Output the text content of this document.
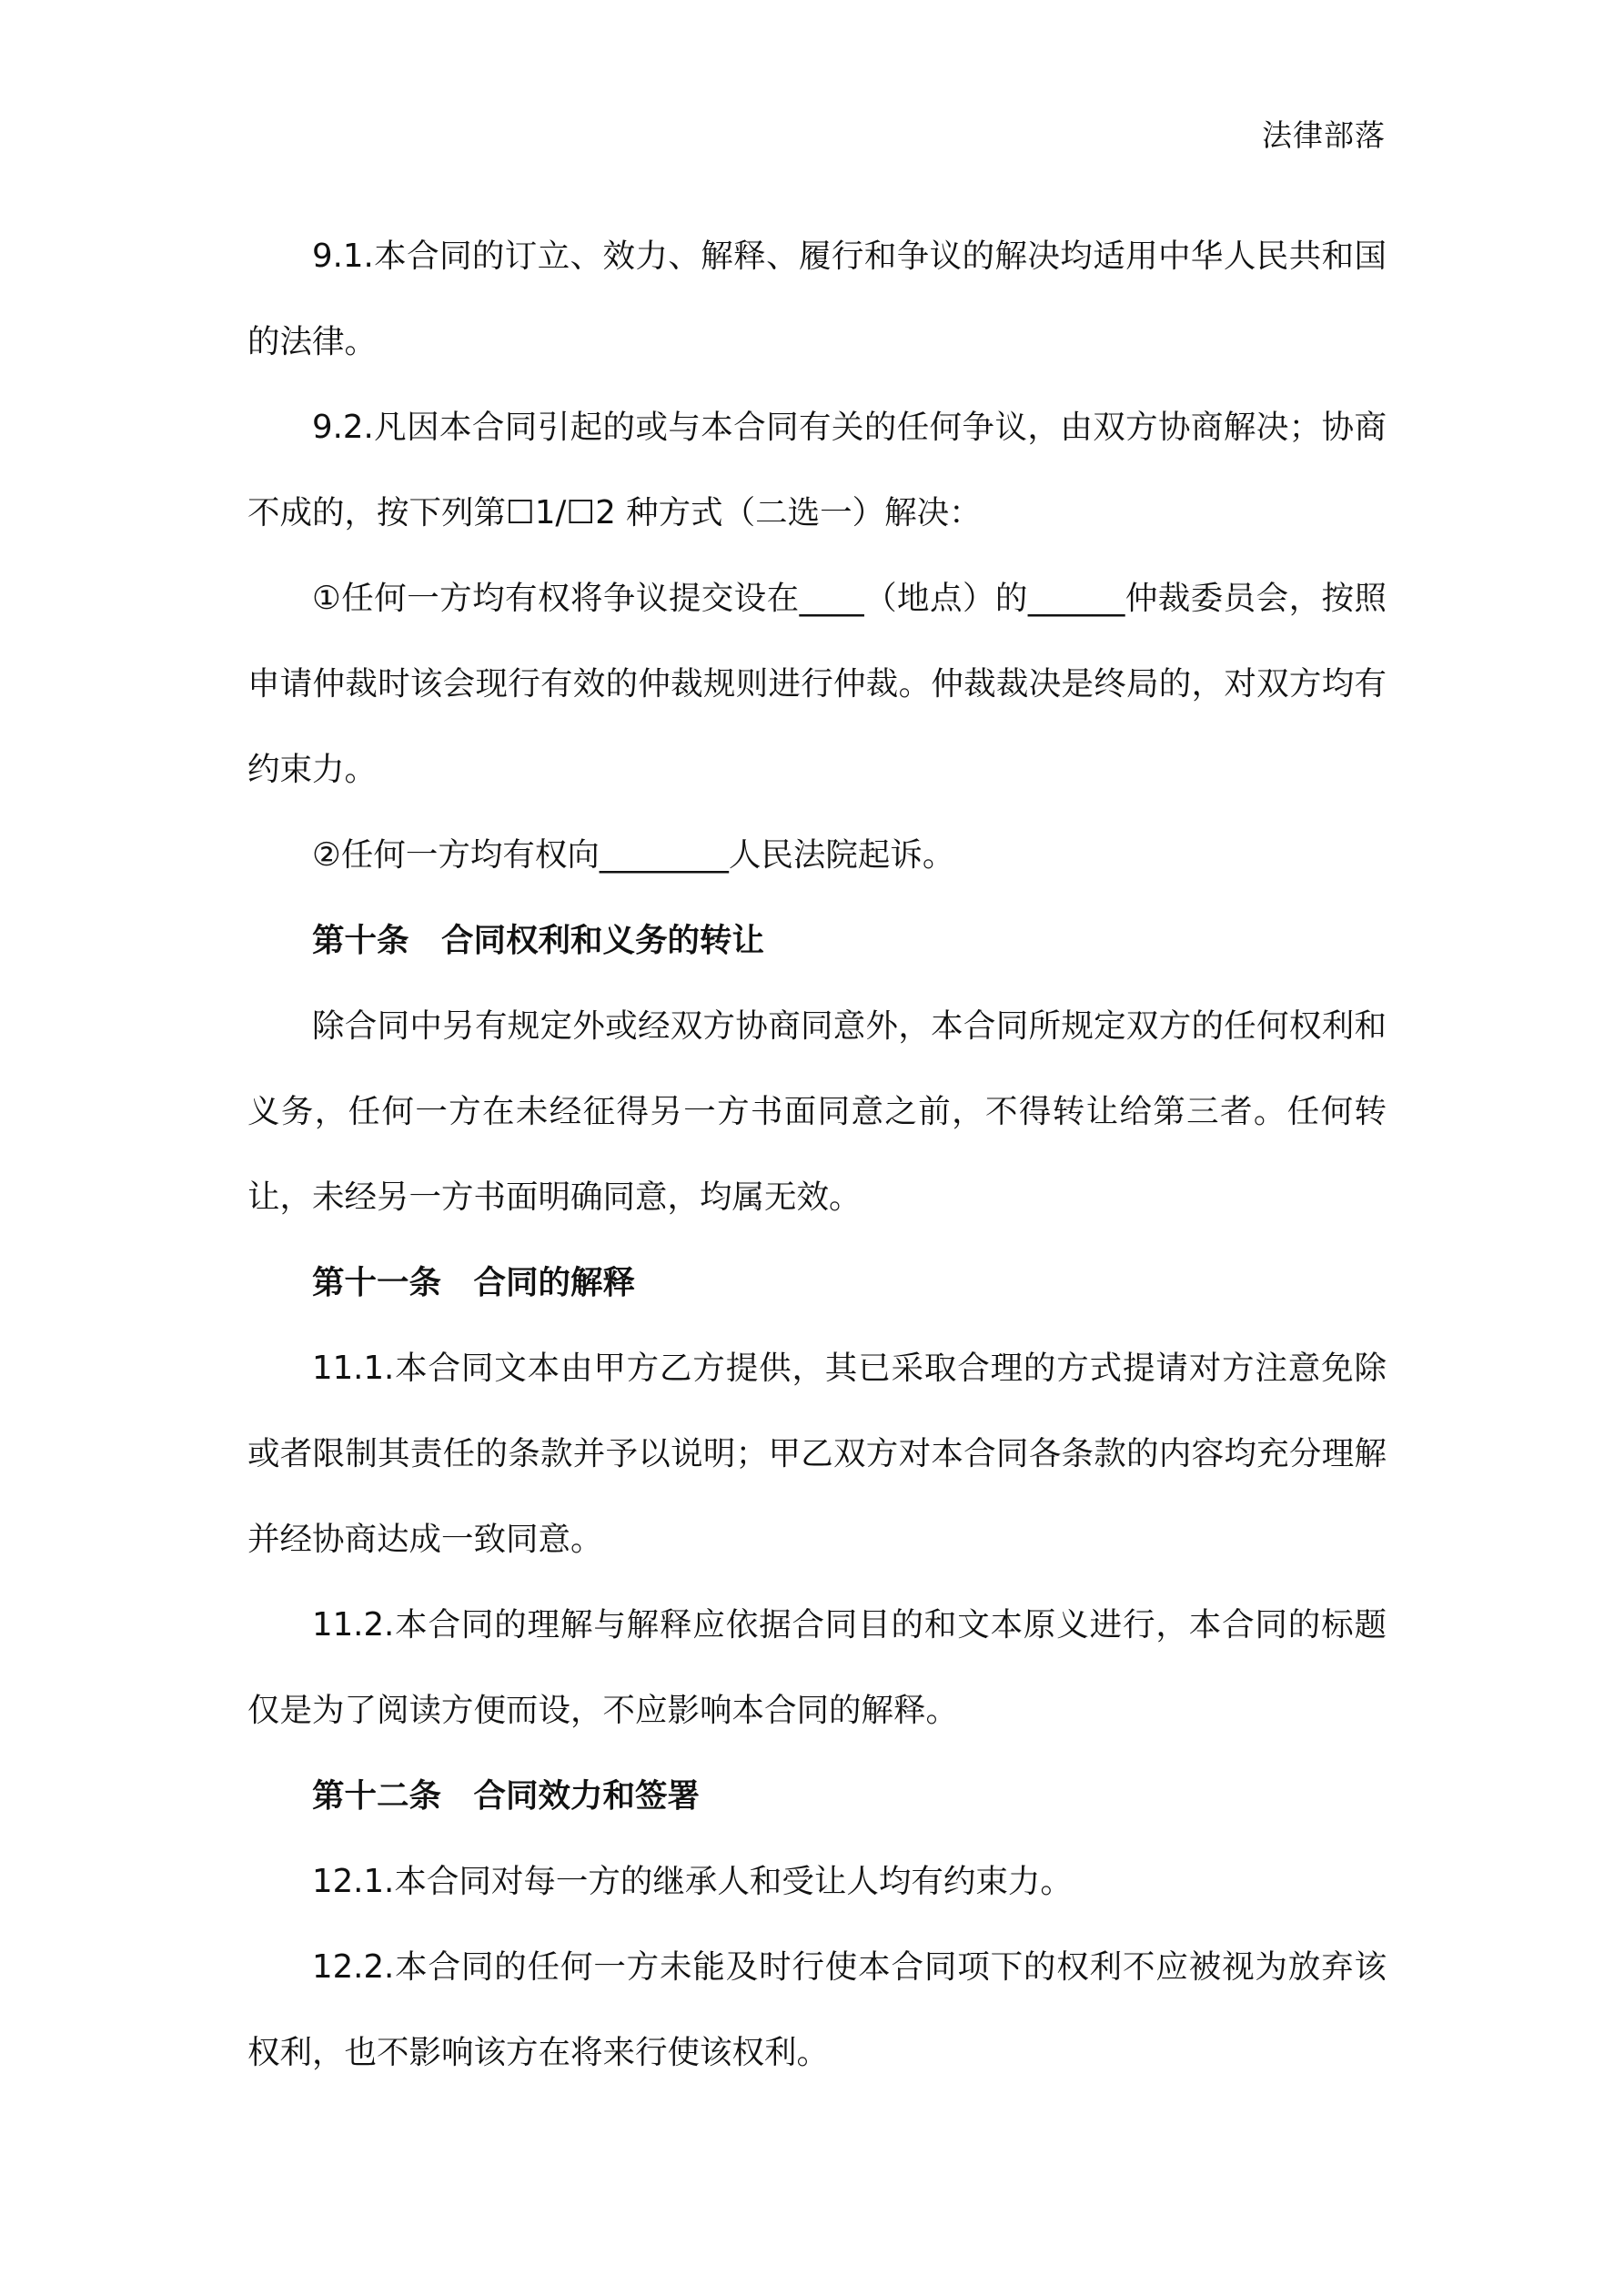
法律部落

9.1.本合同的订立、效力、解释、履行和争议的解决均适用中华人民共和国的法律。

9.2.凡因本合同引起的或与本合同有关的任何争议，由双方协商解决；协商不成的，按下列第☐1/☐2 种方式（二选一）解决：

①任何一方均有权将争议提交设在____（地点）的______仲裁委员会，按照申请仲裁时该会现行有效的仲裁规则进行仲裁。仲裁裁决是终局的，对双方均有约束力。

②任何一方均有权向________人民法院起诉。

第十条　合同权利和义务的转让

除合同中另有规定外或经双方协商同意外，本合同所规定双方的任何权利和义务，任何一方在未经征得另一方书面同意之前，不得转让给第三者。任何转让，未经另一方书面明确同意，均属无效。

第十一条　合同的解释

11.1.本合同文本由甲方乙方提供，其已采取合理的方式提请对方注意免除或者限制其责任的条款并予以说明；甲乙双方对本合同各条款的内容均充分理解并经协商达成一致同意。

11.2.本合同的理解与解释应依据合同目的和文本原义进行，本合同的标题仅是为了阅读方便而设，不应影响本合同的解释。

第十二条　合同效力和签署

12.1.本合同对每一方的继承人和受让人均有约束力。

12.2.本合同的任何一方未能及时行使本合同项下的权利不应被视为放弃该权利，也不影响该方在将来行使该权利。
